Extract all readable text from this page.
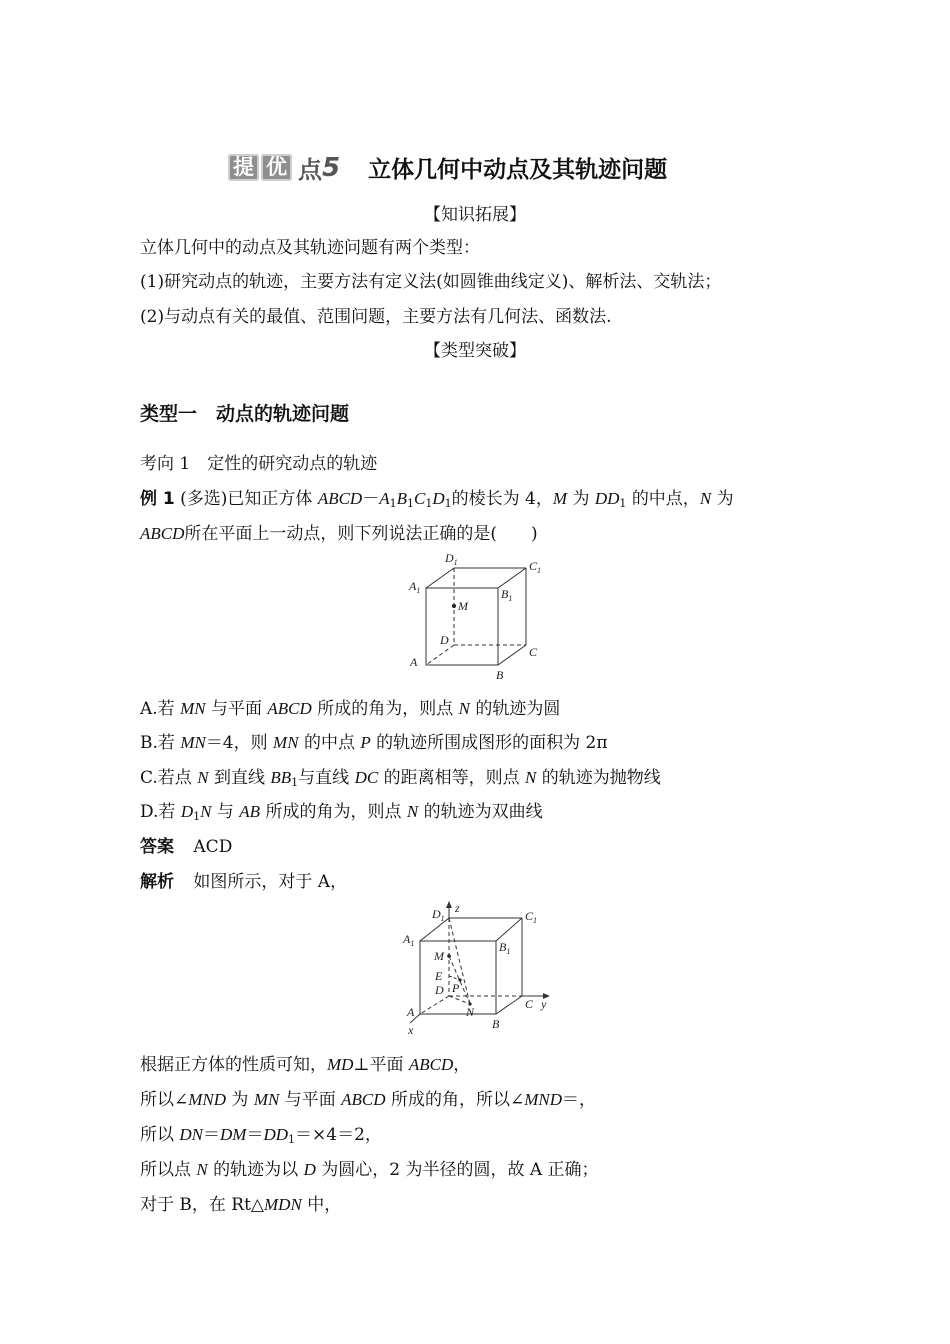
提 优 点 5 立体几何中动点及其轨迹问题
【知识拓展】
立体几何中的动点及其轨迹问题有两个类型：
(1)研究动点的轨迹，主要方法有定义法(如圆锥曲线定义)、解析法、交轨法；
(2)与动点有关的最值、范围问题，主要方法有几何法、函数法.
【类型突破】
类型一　动点的轨迹问题
考向 1　定性的研究动点的轨迹
例 1 (多选)已知正方体 $ABCD-A_1B_1C_1D_1$的棱长为 4，M 为 $DD_1$ 的中点，N 为
ABCD所在平面上一动点，则下列说法正确的是(　　)
$D_1$	$C_1$
$A_1$	$B_1$
M
D
C
A
B
A.若 MN 与平面 ABCD 所成的角为，则点 N 的轨迹为圆
B.若 MN＝4，则 MN 的中点 P 的轨迹所围成图形的面积为 2π
C.若点 N 到直线 $BB_1$与直线 DC 的距离相等，则点 N 的轨迹为抛物线
D.若 $D_1N$ 与 AB 所成的角为，则点 N 的轨迹为双曲线
答案 ACD
解析 如图所示，对于 A，
z
$D_1$	$C_1$
$A_1$	$B_1$
M
E
D P
N
C y
A
B
x
根据正方体的性质可知，MD⊥平面 ABCD，
所以∠MND 为 MN 与平面 ABCD 所成的角，所以∠MND＝，
所以 $DN=DM=DD_1=\times 4=2$，
所以点 N 的轨迹为以 D 为圆心，2 为半径的圆，故 A 正确；
对于 B，在 Rt△MDN 中，
